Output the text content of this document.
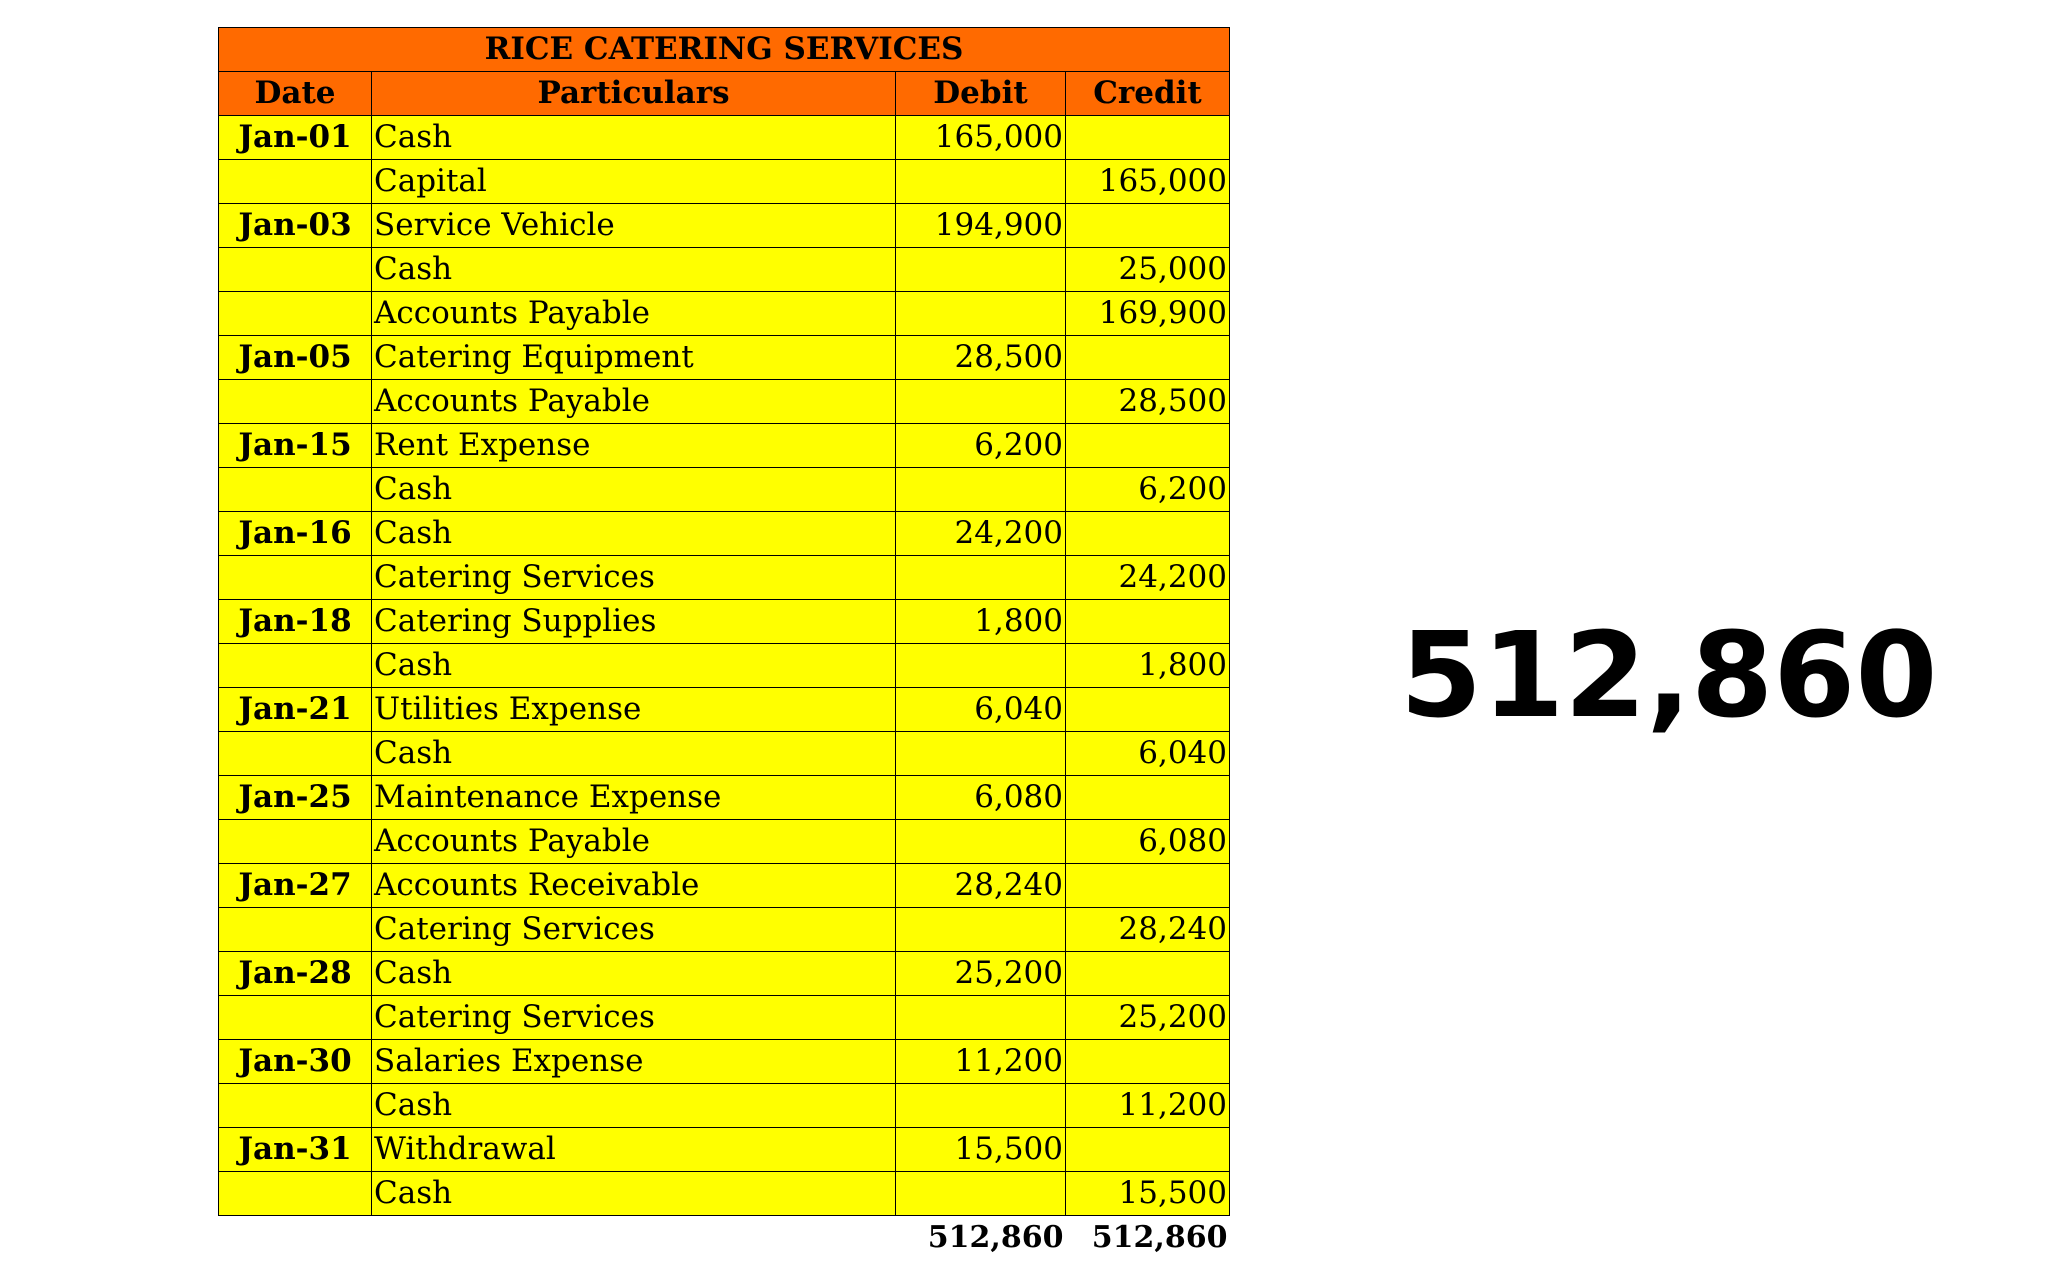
RICE CATERING SERVICES			
Date	Particulars	Debit	Credit
Jan-01	Cash	165,000	
	Capital		165,000
Jan-03	Service Vehicle	194,900	
	Cash		25,000
	Accounts Payable		169,900
Jan-05	Catering Equipment	28,500	
	Accounts Payable		28,500
Jan-15	Rent Expense	6,200	
	Cash		6,200
Jan-16	Cash	24,200	
	Catering Services		24,200
Jan-18	Catering Supplies	1,800	
	Cash		1,800
Jan-21	Utilities Expense	6,040	
	Cash		6,040
Jan-25	Maintenance Expense	6,080	
	Accounts Payable		6,080
Jan-27	Accounts Receivable	28,240	
	Catering Services		28,240
Jan-28	Cash	25,200	
	Catering Services		25,200
Jan-30	Salaries Expense	11,200	
	Cash		11,200
Jan-31	Withdrawal	15,500	
	Cash		15,500
		512,860	512,860
512,860
